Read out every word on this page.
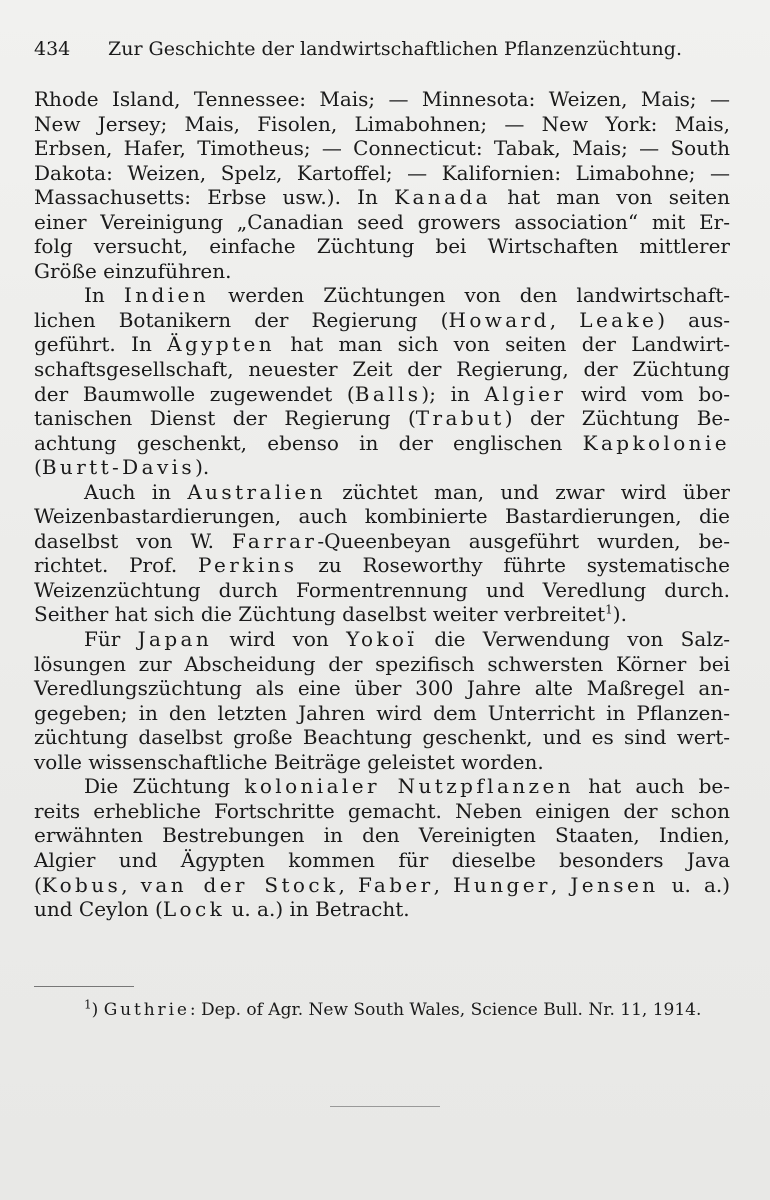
434 Zur Geschichte der landwirtschaftlichen Pflanzenzüchtung.
Rhode Island, Tennessee: Mais; — Minnesota: Weizen, Mais; —
New Jersey; Mais, Fisolen, Limabohnen; — New York: Mais,
Erbsen, Hafer, Timotheus; — Connecticut: Tabak, Mais; — South
Dakota: Weizen, Spelz, Kartoffel; — Kalifornien: Limabohne; —
Massachusetts: Erbse usw.). In Kanada hat man von seiten
einer Vereinigung „Canadian seed growers association“ mit Er-
folg versucht, einfache Züchtung bei Wirtschaften mittlerer
Größe einzuführen.
In Indien werden Züchtungen von den landwirtschaft-
lichen Botanikern der Regierung (Howard, Leake) aus-
geführt. In Ägypten hat man sich von seiten der Landwirt-
schaftsgesellschaft, neuester Zeit der Regierung, der Züchtung
der Baumwolle zugewendet (Balls); in Algier wird vom bo-
tanischen Dienst der Regierung (Trabut) der Züchtung Be-
achtung geschenkt, ebenso in der englischen Kapkolonie
(Burtt-Davis).
Auch in Australien züchtet man, und zwar wird über
Weizenbastardierungen, auch kombinierte Bastardierungen, die
daselbst von W. Farrar-Queenbeyan ausgeführt wurden, be-
richtet. Prof. Perkins zu Roseworthy führte systematische
Weizenzüchtung durch Formentrennung und Veredlung durch.
Seither hat sich die Züchtung daselbst weiter verbreitet$^1$).
Für Japan wird von Yokoï die Verwendung von Salz-
lösungen zur Abscheidung der spezifisch schwersten Körner bei
Veredlungszüchtung als eine über 300 Jahre alte Maßregel an-
gegeben; in den letzten Jahren wird dem Unterricht in Pflanzen-
züchtung daselbst große Beachtung geschenkt, und es sind wert-
volle wissenschaftliche Beiträge geleistet worden.
Die Züchtung kolonialer Nutzpflanzen hat auch be-
reits erhebliche Fortschritte gemacht. Neben einigen der schon
erwähnten Bestrebungen in den Vereinigten Staaten, Indien,
Algier und Ägypten kommen für dieselbe besonders Java
(Kobus, van der Stock, Faber, Hunger, Jensen u. a.)
und Ceylon (Lock u. a.) in Betracht.
$^1$) Guthrie: Dep. of Agr. New South Wales, Science Bull. Nr. 11, 1914.
